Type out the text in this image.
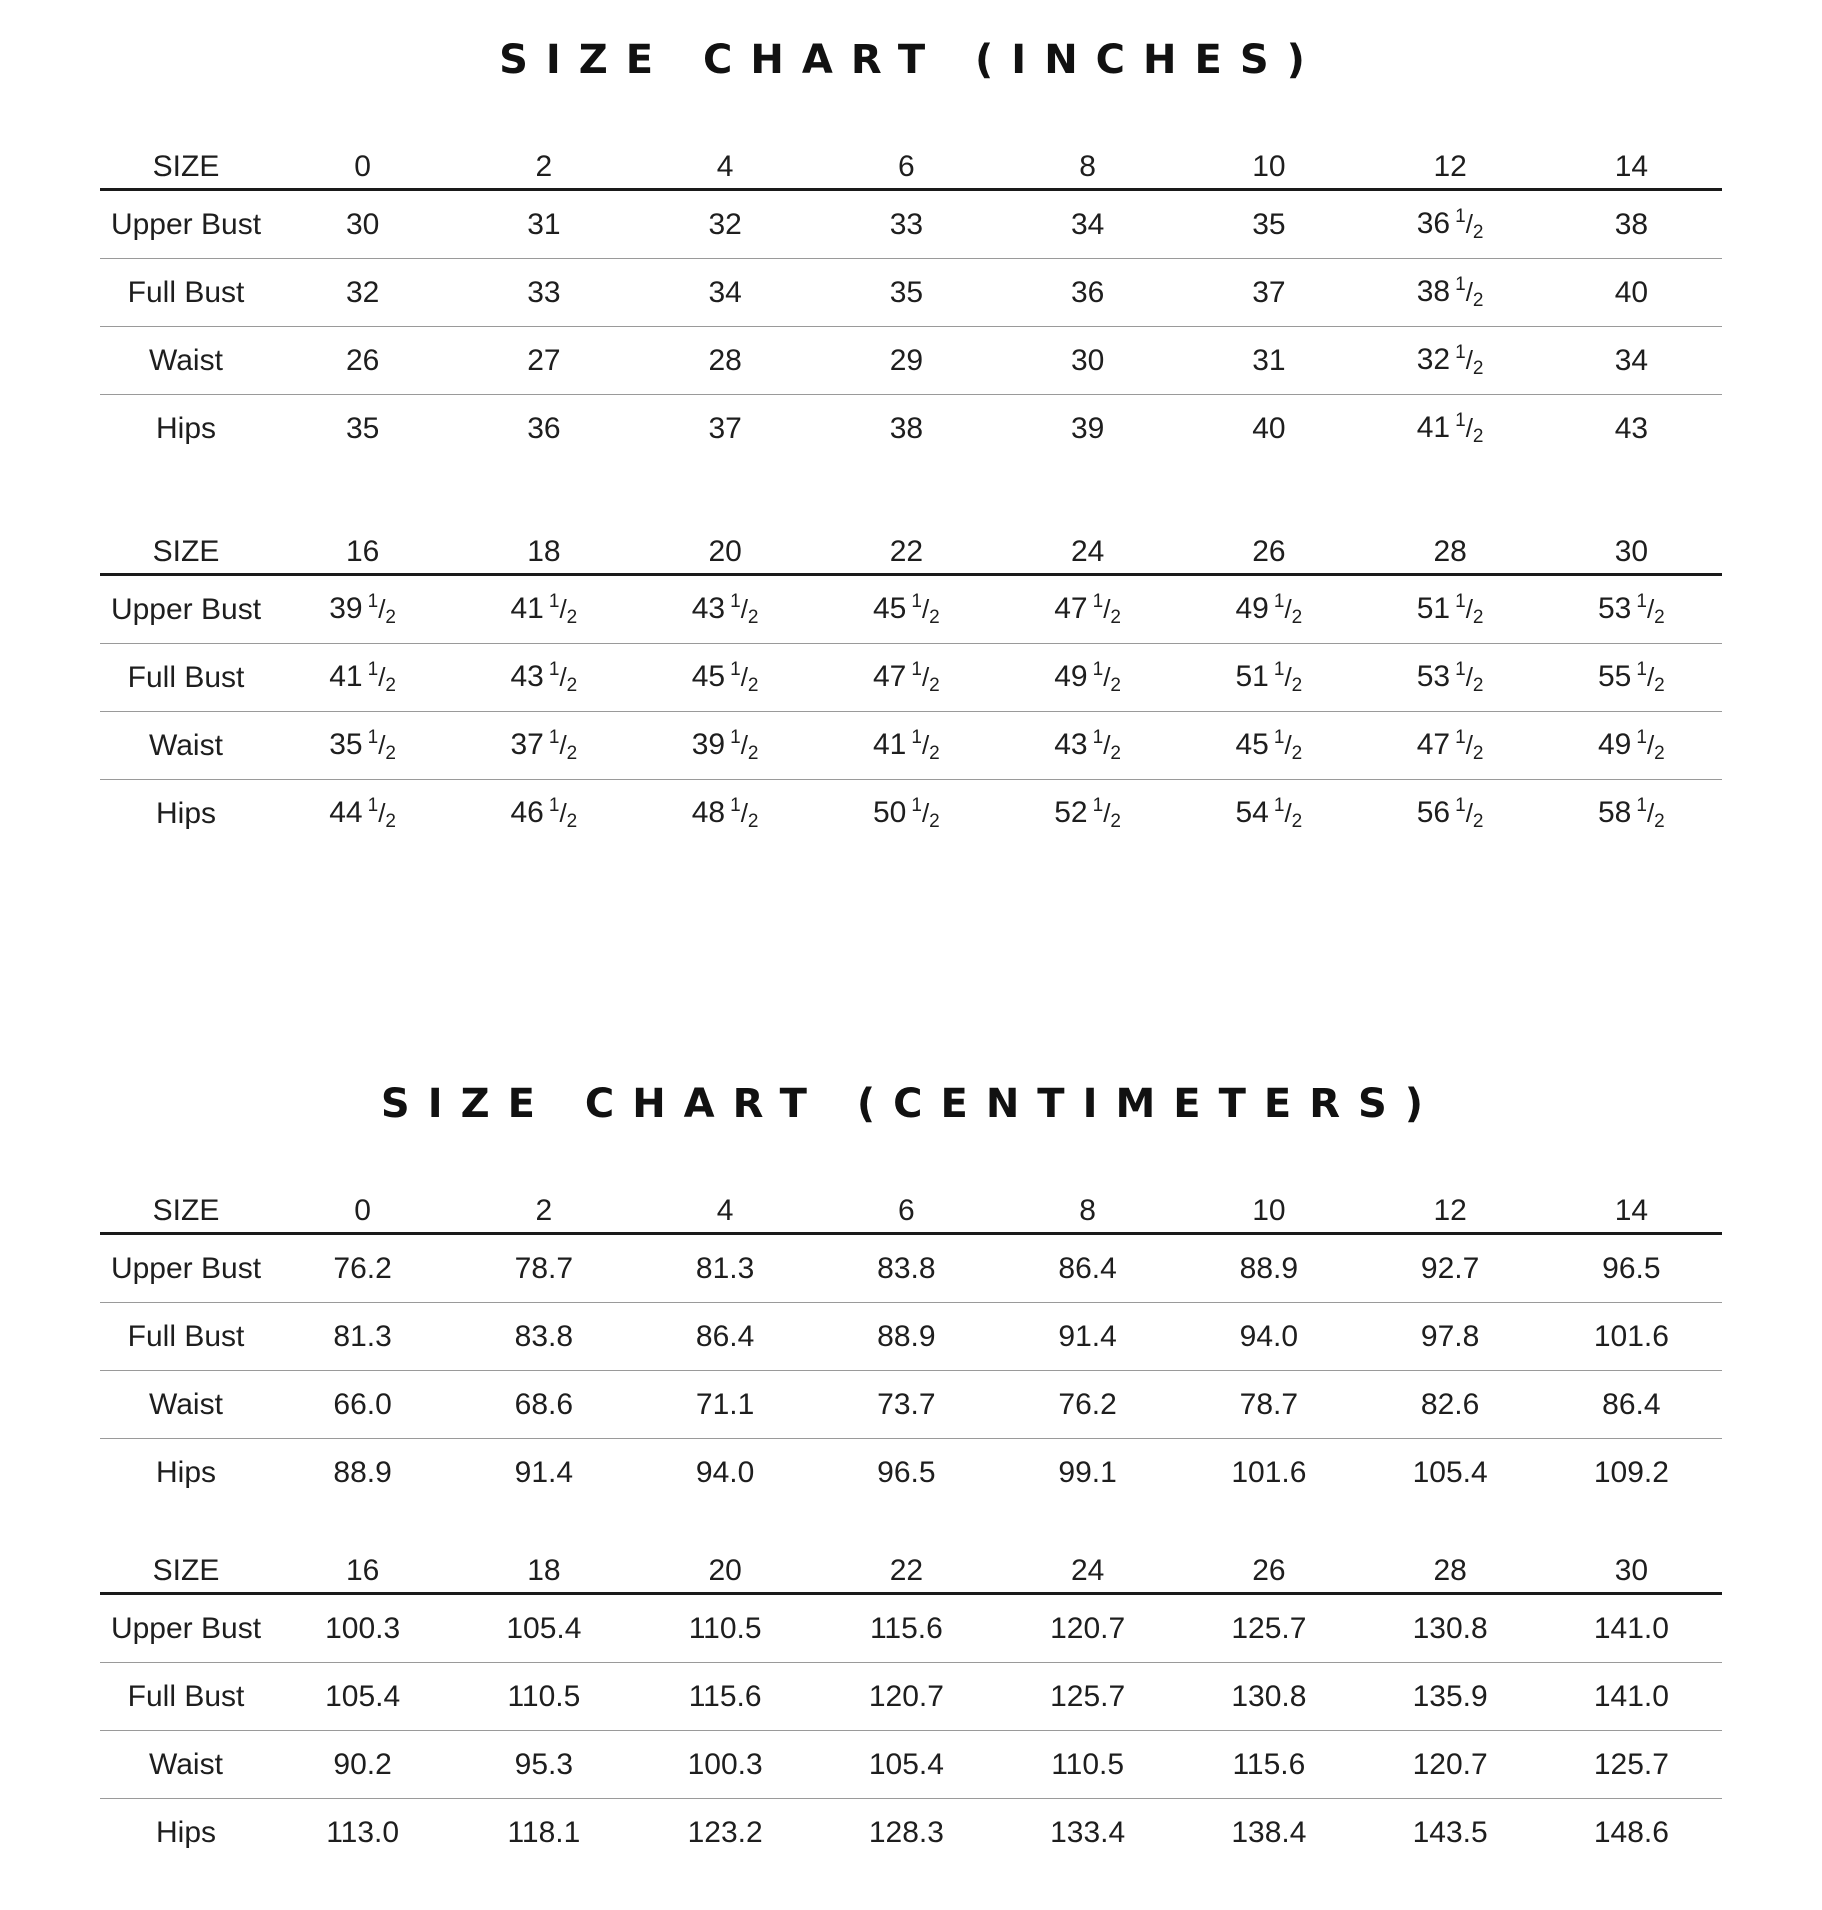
SIZE CHART (INCHES)
SIZE	0	2	4	6	8	10	12	14
Upper Bust	30	31	32	33	34	35	36 $^1$/2	38
Full Bust	32	33	34	35	36	37	38 $^1$/2	40
Waist	26	27	28	29	30	31	32 $^1$/2	34
Hips	35	36	37	38	39	40	41 $^1$/2	43
SIZE	16	18	20	22	24	26	28	30
Upper Bust	39 $^1$/2	41 $^1$/2	43 $^1$/2	45 $^1$/2	47 $^1$/2	49 $^1$/2	51 $^1$/2	53 $^1$/2
Full Bust	41 $^1$/2	43 $^1$/2	45 $^1$/2	47 $^1$/2	49 $^1$/2	51 $^1$/2	53 $^1$/2	55 $^1$/2
Waist	35 $^1$/2	37 $^1$/2	39 $^1$/2	41 $^1$/2	43 $^1$/2	45 $^1$/2	47 $^1$/2	49 $^1$/2
Hips	44 $^1$/2	46 $^1$/2	48 $^1$/2	50 $^1$/2	52 $^1$/2	54 $^1$/2	56 $^1$/2	58 $^1$/2
SIZE CHART (CENTIMETERS)
SIZE	0	2	4	6	8	10	12	14
Upper Bust	76.2	78.7	81.3	83.8	86.4	88.9	92.7	96.5
Full Bust	81.3	83.8	86.4	88.9	91.4	94.0	97.8	101.6
Waist	66.0	68.6	71.1	73.7	76.2	78.7	82.6	86.4
Hips	88.9	91.4	94.0	96.5	99.1	101.6	105.4	109.2
SIZE	16	18	20	22	24	26	28	30
Upper Bust	100.3	105.4	110.5	115.6	120.7	125.7	130.8	141.0
Full Bust	105.4	110.5	115.6	120.7	125.7	130.8	135.9	141.0
Waist	90.2	95.3	100.3	105.4	110.5	115.6	120.7	125.7
Hips	113.0	118.1	123.2	128.3	133.4	138.4	143.5	148.6
